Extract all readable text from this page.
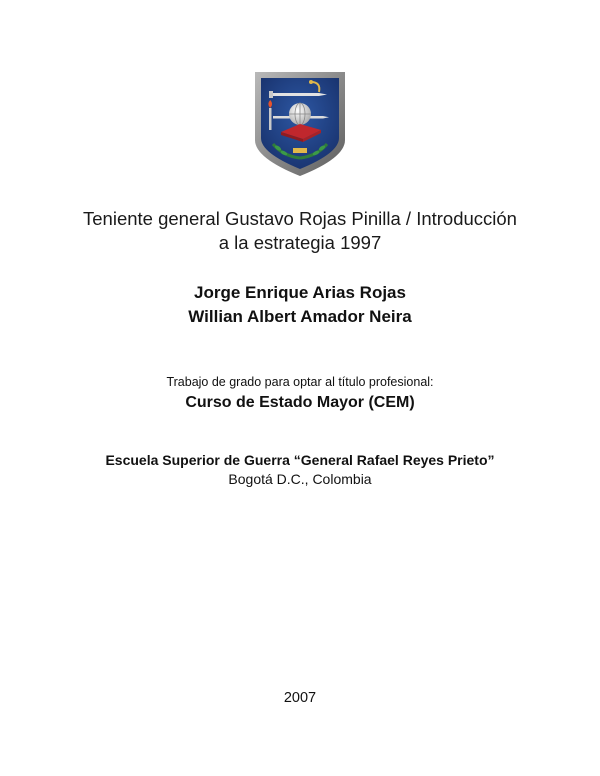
Teniente general Gustavo Rojas Pinilla / Introducción
a la estrategia 1997
Jorge Enrique Arias Rojas
Willian Albert Amador Neira
Trabajo de grado para optar al título profesional:
Curso de Estado Mayor (CEM)
Escuela Superior de Guerra “General Rafael Reyes Prieto”
Bogotá D.C., Colombia
2007
